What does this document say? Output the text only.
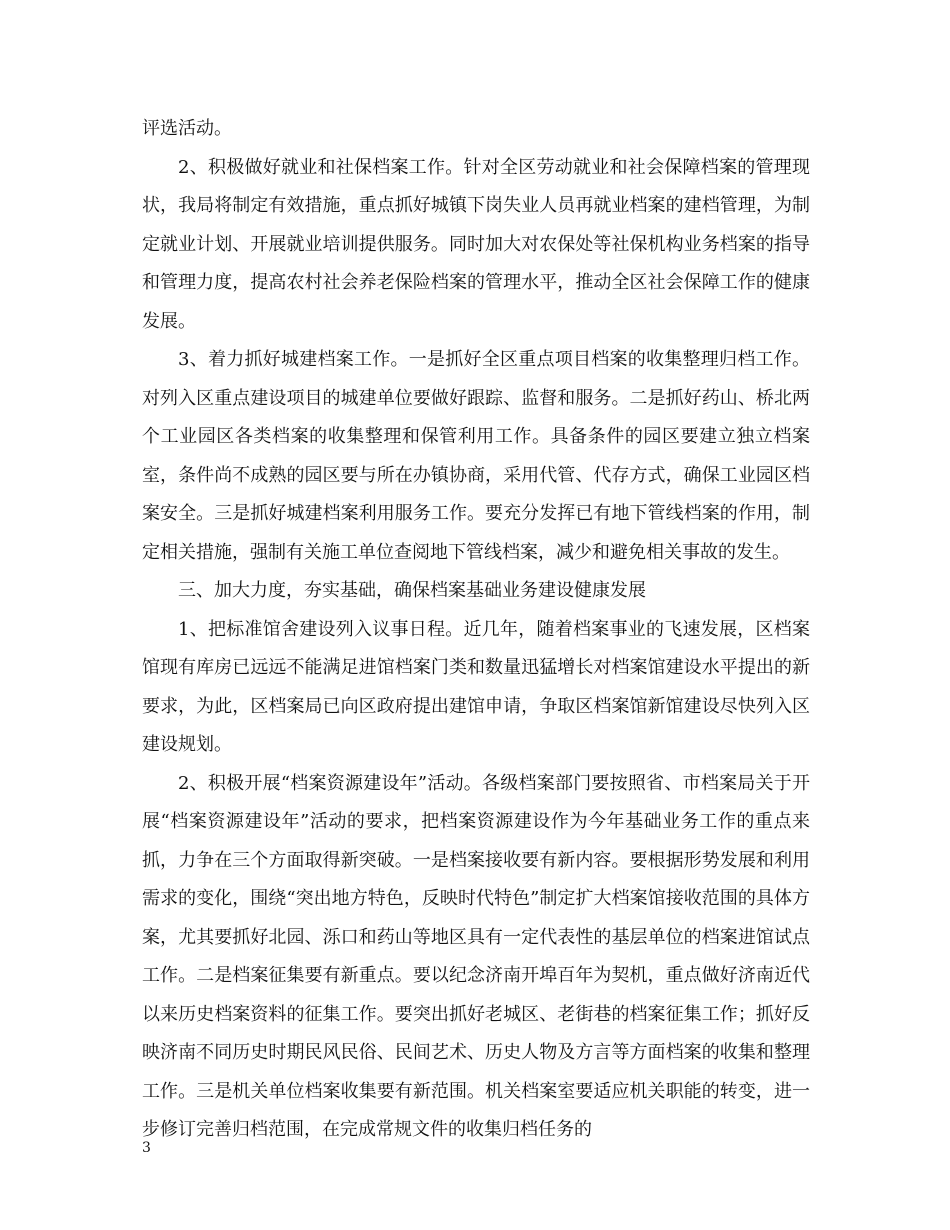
评选活动。

2、积极做好就业和社保档案工作。针对全区劳动就业和社会保障档案的管理现状，我局将制定有效措施，重点抓好城镇下岗失业人员再就业档案的建档管理，为制定就业计划、开展就业培训提供服务。同时加大对农保处等社保机构业务档案的指导和管理力度，提高农村社会养老保险档案的管理水平，推动全区社会保障工作的健康发展。

3、着力抓好城建档案工作。一是抓好全区重点项目档案的收集整理归档工作。对列入区重点建设项目的城建单位要做好跟踪、监督和服务。二是抓好药山、桥北两个工业园区各类档案的收集整理和保管利用工作。具备条件的园区要建立独立档案室，条件尚不成熟的园区要与所在办镇协商，采用代管、代存方式，确保工业园区档案安全。三是抓好城建档案利用服务工作。要充分发挥已有地下管线档案的作用，制定相关措施，强制有关施工单位查阅地下管线档案，减少和避免相关事故的发生。

三、加大力度，夯实基础，确保档案基础业务建设健康发展

1、把标准馆舍建设列入议事日程。近几年，随着档案事业的飞速发展，区档案馆现有库房已远远不能满足进馆档案门类和数量迅猛增长对档案馆建设水平提出的新要求，为此，区档案局已向区政府提出建馆申请，争取区档案馆新馆建设尽快列入区建设规划。

2、积极开展“档案资源建设年”活动。各级档案部门要按照省、市档案局关于开展“档案资源建设年”活动的要求，把档案资源建设作为今年基础业务工作的重点来抓，力争在三个方面取得新突破。一是档案接收要有新内容。要根据形势发展和利用需求的变化，围绕“突出地方特色，反映时代特色”制定扩大档案馆接收范围的具体方案，尤其要抓好北园、泺口和药山等地区具有一定代表性的基层单位的档案进馆试点工作。二是档案征集要有新重点。要以纪念济南开埠百年为契机，重点做好济南近代以来历史档案资料的征集工作。要突出抓好老城区、老街巷的档案征集工作；抓好反映济南不同历史时期民风民俗、民间艺术、历史人物及方言等方面档案的收集和整理工作。三是机关单位档案收集要有新范围。机关档案室要适应机关职能的转变，进一步修订完善归档范围，在完成常规文件的收集归档任务的

3
